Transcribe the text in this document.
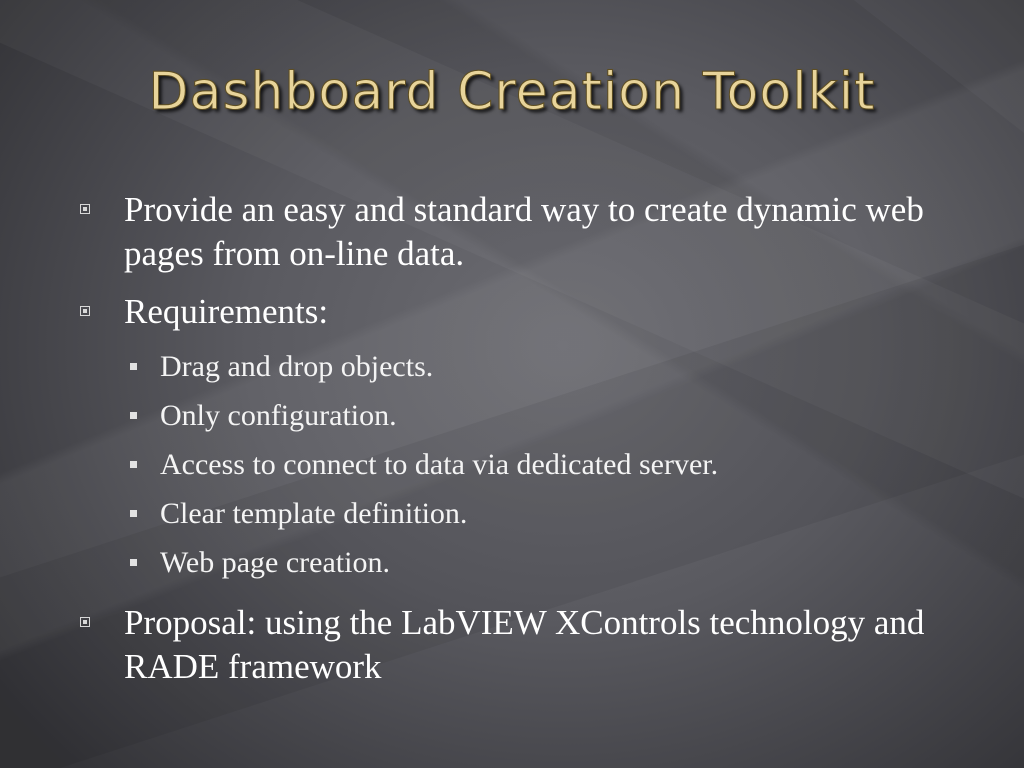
Dashboard Creation Toolkit
Provide an easy and standard way to create dynamic web pages from on-line data.
Requirements:
Drag and drop objects.
Only configuration.
Access to connect to data via dedicated server.
Clear template definition.
Web page creation.
Proposal: using the LabVIEW XControls technology and RADE framework
